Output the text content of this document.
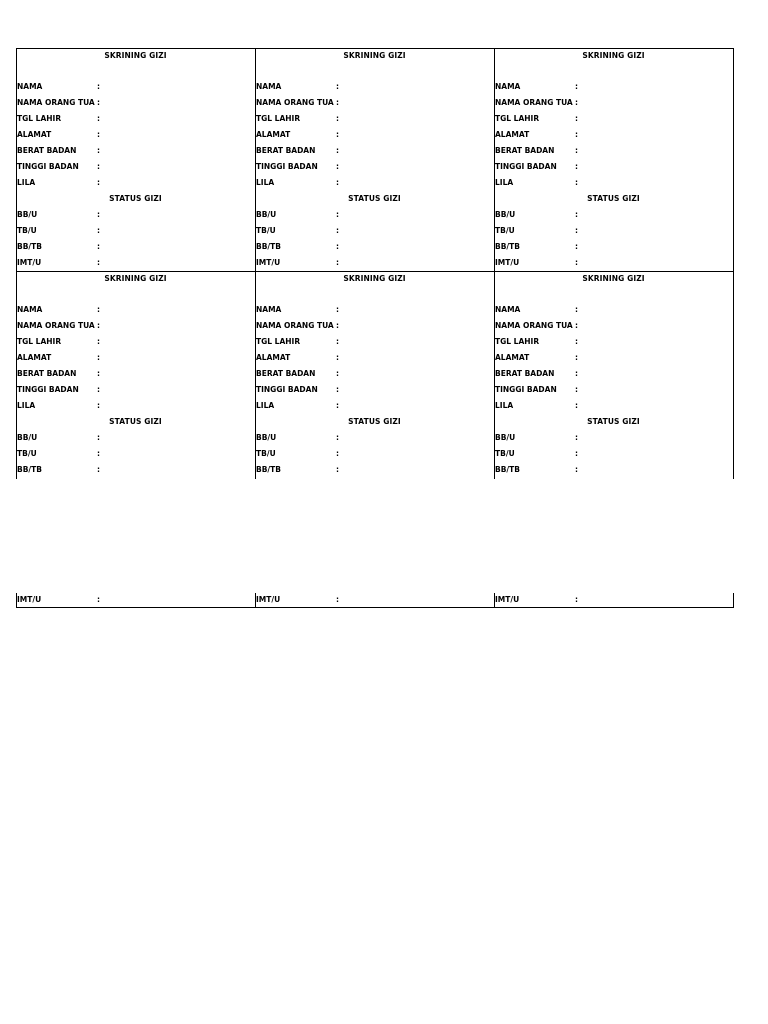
SKRINING GIZI
NAMA	:
NAMA ORANG TUA :
TGL LAHIR	:
ALAMAT	:
BERAT BADAN	:
TINGGI BADAN :
LILA	:
STATUS GIZI
BB/U	:
TB/U	:
BB/TB	:
IMT/U	:
SKRINING GIZI
NAMA	:
NAMA ORANG TUA :
TGL LAHIR	:
ALAMAT	:
BERAT BADAN	:
TINGGI BADAN :
LILA	:
STATUS GIZI
BB/U	:
TB/U	:
BB/TB	:
IMT/U	:
SKRINING GIZI
NAMA	:
NAMA ORANG TUA :
TGL LAHIR	:
ALAMAT	:
BERAT BADAN	:
TINGGI BADAN :
LILA	:
STATUS GIZI
BB/U	:
TB/U	:
BB/TB	:
IMT/U	:
SKRINING GIZI
NAMA	:
NAMA ORANG TUA :
TGL LAHIR	:
ALAMAT	:
BERAT BADAN	:
TINGGI BADAN :
LILA	:
STATUS GIZI
BB/U	:
TB/U	:
BB/TB	:
IMT/U	:
SKRINING GIZI
NAMA	:
NAMA ORANG TUA :
TGL LAHIR	:
ALAMAT	:
BERAT BADAN	:
TINGGI BADAN :
LILA	:
STATUS GIZI
BB/U	:
TB/U	:
BB/TB	:
IMT/U	:
SKRINING GIZI
NAMA	:
NAMA ORANG TUA :
TGL LAHIR	:
ALAMAT	:
BERAT BADAN	:
TINGGI BADAN :
LILA	:
STATUS GIZI
BB/U	:
TB/U	:
BB/TB	:
IMT/U	:
